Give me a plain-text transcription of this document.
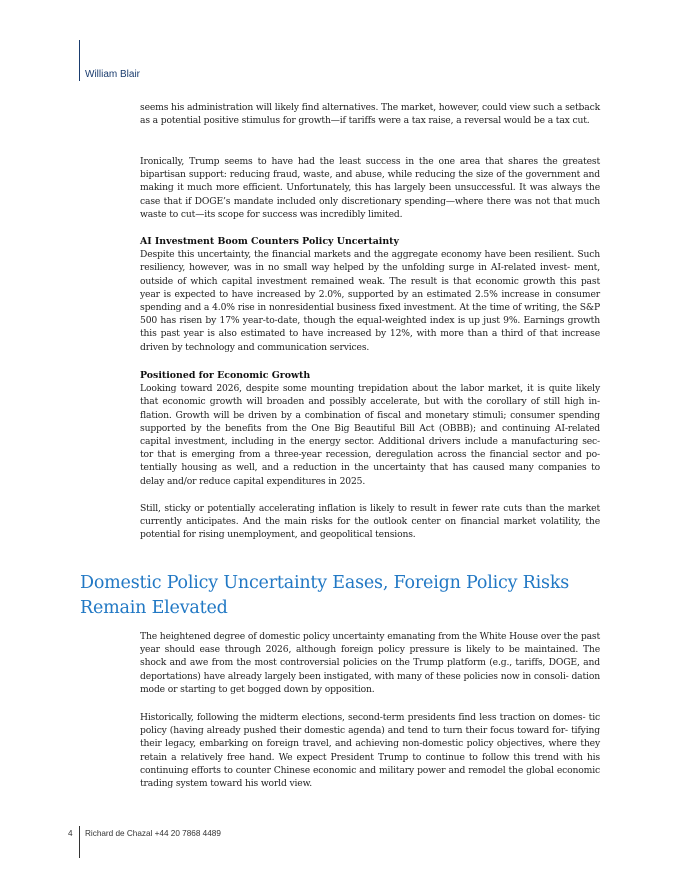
William Blair

seems his administration will likely find alternatives. The market, however, could view such a setback as a potential positive stimulus for growth—if tariffs were a tax raise, a reversal would be a tax cut.

Ironically, Trump seems to have had the least success in the one area that shares the greatest bipartisan support: reducing fraud, waste, and abuse, while reducing the size of the government and making it much more efficient. Unfortunately, this has largely been unsuccessful. It was always the case that if DOGE’s mandate included only discretionary spending—where there was not that much waste to cut—its scope for success was incredibly limited.

AI Investment Boom Counters Policy Uncertainty

Despite this uncertainty, the financial markets and the aggregate economy have been resilient. Such resiliency, however, was in no small way helped by the unfolding surge in AI-related invest- ment, outside of which capital investment remained weak. The result is that economic growth this past year is expected to have increased by 2.0%, supported by an estimated 2.5% increase in consumer spending and a 4.0% rise in nonresidential business fixed investment. At the time of writing, the S&P 500 has risen by 17% year-to-date, though the equal-weighted index is up just 9%. Earnings growth this past year is also estimated to have increased by 12%, with more than a third of that increase driven by technology and communication services.

Positioned for Economic Growth

Looking toward 2026, despite some mounting trepidation about the labor market, it is quite likely that economic growth will broaden and possibly accelerate, but with the corollary of still high in- flation. Growth will be driven by a combination of fiscal and monetary stimuli; consumer spending supported by the benefits from the One Big Beautiful Bill Act (OBBB); and continuing AI-related capital investment, including in the energy sector. Additional drivers include a manufacturing sec- tor that is emerging from a three-year recession, deregulation across the financial sector and po- tentially housing as well, and a reduction in the uncertainty that has caused many companies to delay and/or reduce capital expenditures in 2025.

Still, sticky or potentially accelerating inflation is likely to result in fewer rate cuts than the market currently anticipates. And the main risks for the outlook center on financial market volatility, the potential for rising unemployment, and geopolitical tensions.

Domestic Policy Uncertainty Eases, Foreign Policy Risks Remain Elevated

The heightened degree of domestic policy uncertainty emanating from the White House over the past year should ease through 2026, although foreign policy pressure is likely to be maintained. The shock and awe from the most controversial policies on the Trump platform (e.g., tariffs, DOGE, and deportations) have already largely been instigated, with many of these policies now in consoli- dation mode or starting to get bogged down by opposition.

Historically, following the midterm elections, second-term presidents find less traction on domes- tic policy (having already pushed their domestic agenda) and tend to turn their focus toward for- tifying their legacy, embarking on foreign travel, and achieving non-domestic policy objectives, where they retain a relatively free hand. We expect President Trump to continue to follow this trend with his continuing efforts to counter Chinese economic and military power and remodel the global economic trading system toward his world view.

4 Richard de Chazal +44 20 7868 4489
